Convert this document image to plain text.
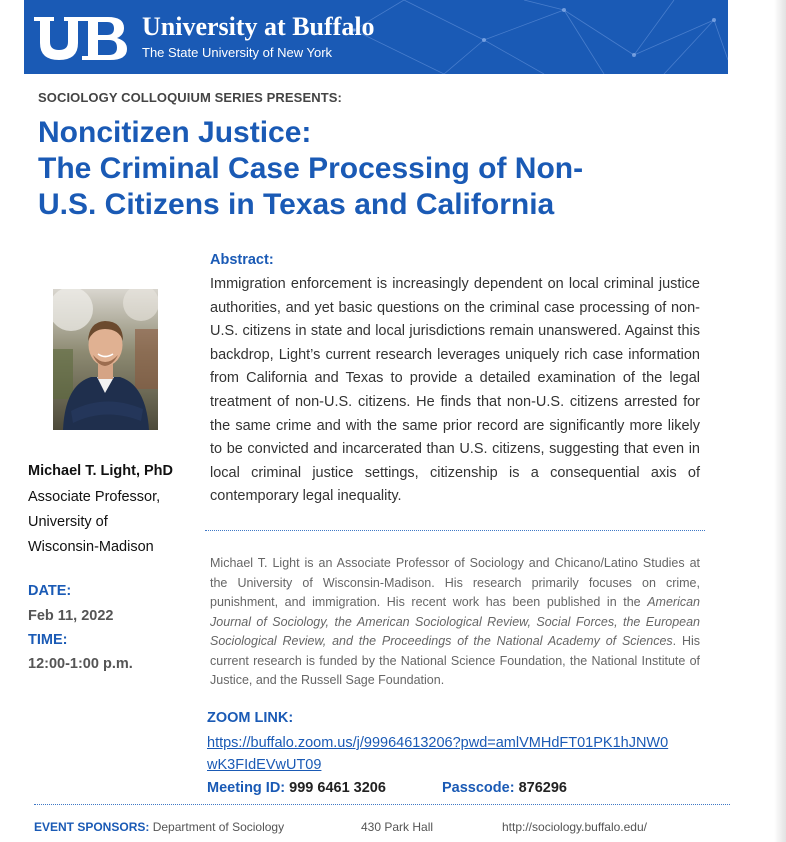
University at Buffalo
The State University of New York
SOCIOLOGY COLLOQUIUM SERIES PRESENTS:
Noncitizen Justice:
The Criminal Case Processing of Non-
U.S. Citizens in Texas and California
Michael T. Light, PhD
Associate Professor,
University of
Wisconsin-Madison
DATE:
Feb 11, 2022
TIME:
12:00-1:00 p.m.
Abstract:
Immigration enforcement is increasingly dependent on local criminal justice authorities, and yet basic questions on the criminal case processing of non-U.S. citizens in state and local jurisdictions remain unanswered. Against this backdrop, Light’s current research leverages uniquely rich case information from California and Texas to provide a detailed examination of the legal treatment of non-U.S. citizens. He finds that non-U.S. citizens arrested for the same crime and with the same prior record are significantly more likely to be convicted and incarcerated than U.S. citizens, suggesting that even in local criminal justice settings, citizenship is a consequential axis of contemporary legal inequality.
Michael T. Light is an Associate Professor of Sociology and Chicano/Latino Studies at the University of Wisconsin-Madison. His research primarily focuses on crime, punishment, and immigration. His recent work has been published in the American Journal of Sociology, the American Sociological Review, Social Forces, the European Sociological Review, and the Proceedings of the National Academy of Sciences. His current research is funded by the National Science Foundation, the National Institute of Justice, and the Russell Sage Foundation.
ZOOM LINK:
https://buffalo.zoom.us/j/99964613206?pwd=amlVMHdFT01PK1hJNW0
wK3FIdEVwUT09
Meeting ID: 999 6461 3206	Passcode: 876296
EVENT SPONSORS: Department of Sociology	430 Park Hall	http://sociology.buffalo.edu/
